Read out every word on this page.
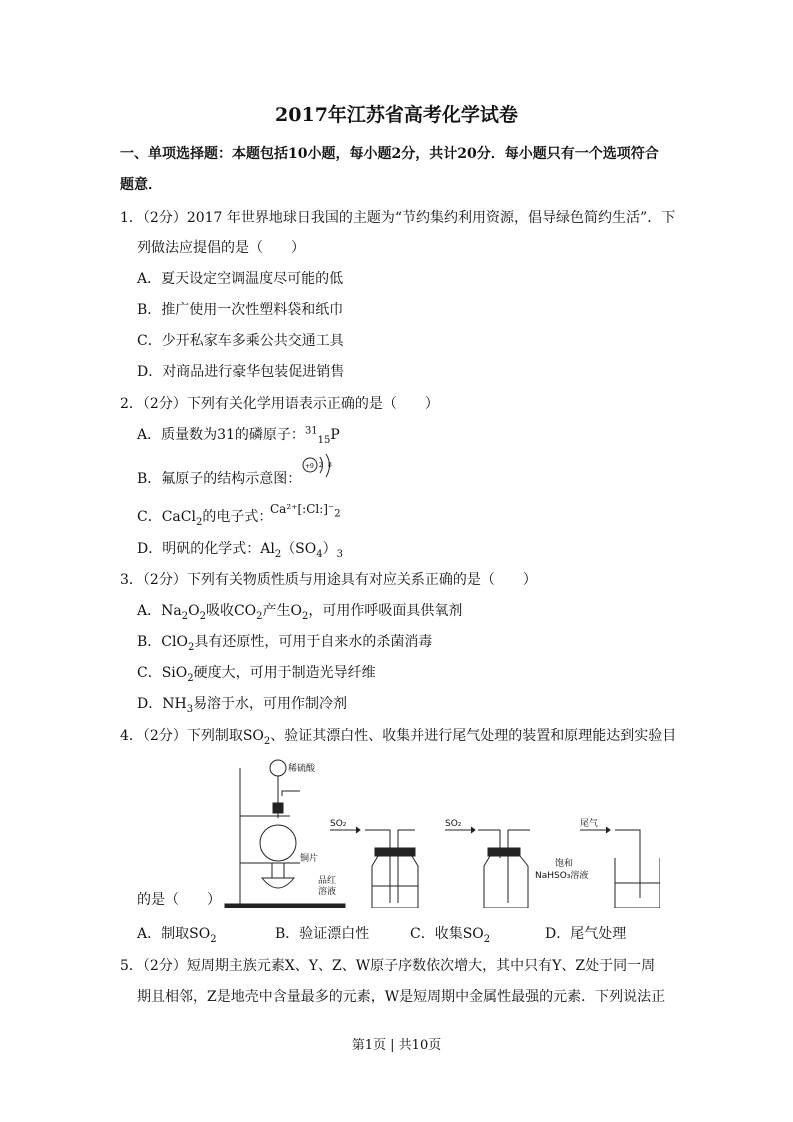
2017年江苏省高考化学试卷
一、单项选择题：本题包括10小题，每小题2分，共计20分．每小题只有一个选项符合
题意．
1．（2分）2017 年世界地球日我国的主题为“节约集约利用资源，倡导绿色简约生活”．下
列做法应提倡的是（　　）
A．夏天设定空调温度尽可能的低
B．推广使用一次性塑料袋和纸巾
C．少开私家车多乘公共交通工具
D．对商品进行豪华包装促进销售
2．（2分）下列有关化学用语表示正确的是（　　）
A．质量数为31的磷原子：$^{31}_{15}$P
B．氟原子的结构示意图：
+9 2 8
C．CaCl$_2$的电子式：
$Ca^{2+}[:Cl:]^-_2$
D．明矾的化学式：$Al_2(SO_4)_3$
3．（2分）下列有关物质性质与用途具有对应关系正确的是（　　）
A．$Na_2O_2$吸收$CO_2$产生$O_2$，可用作呼吸面具供氧剂
B．ClO$_2$具有还原性，可用于自来水的杀菌消毒
C．SiO$_2$硬度大，可用于制造光导纤维
D．$NH_3$易溶于水，可用作制冷剂
4．（2分）下列制取$SO_2$、验证其漂白性、收集并进行尾气处理的装置和原理能达到实验目
的是（　　）
稀硫酸
铜片
SO₂
品红
溶液
SO₂	尾气
饱和
NaHSO₃溶液
A．制取$SO_2$	B．验证漂白性	C．收集$SO_2$	D．尾气处理
5．（2分）短周期主族元素X、Y、Z、W原子序数依次增大，其中只有Y、Z处于同一周
期且相邻，Z是地壳中含量最多的元素，W是短周期中金属性最强的元素．下列说法正
第1页 | 共10页
